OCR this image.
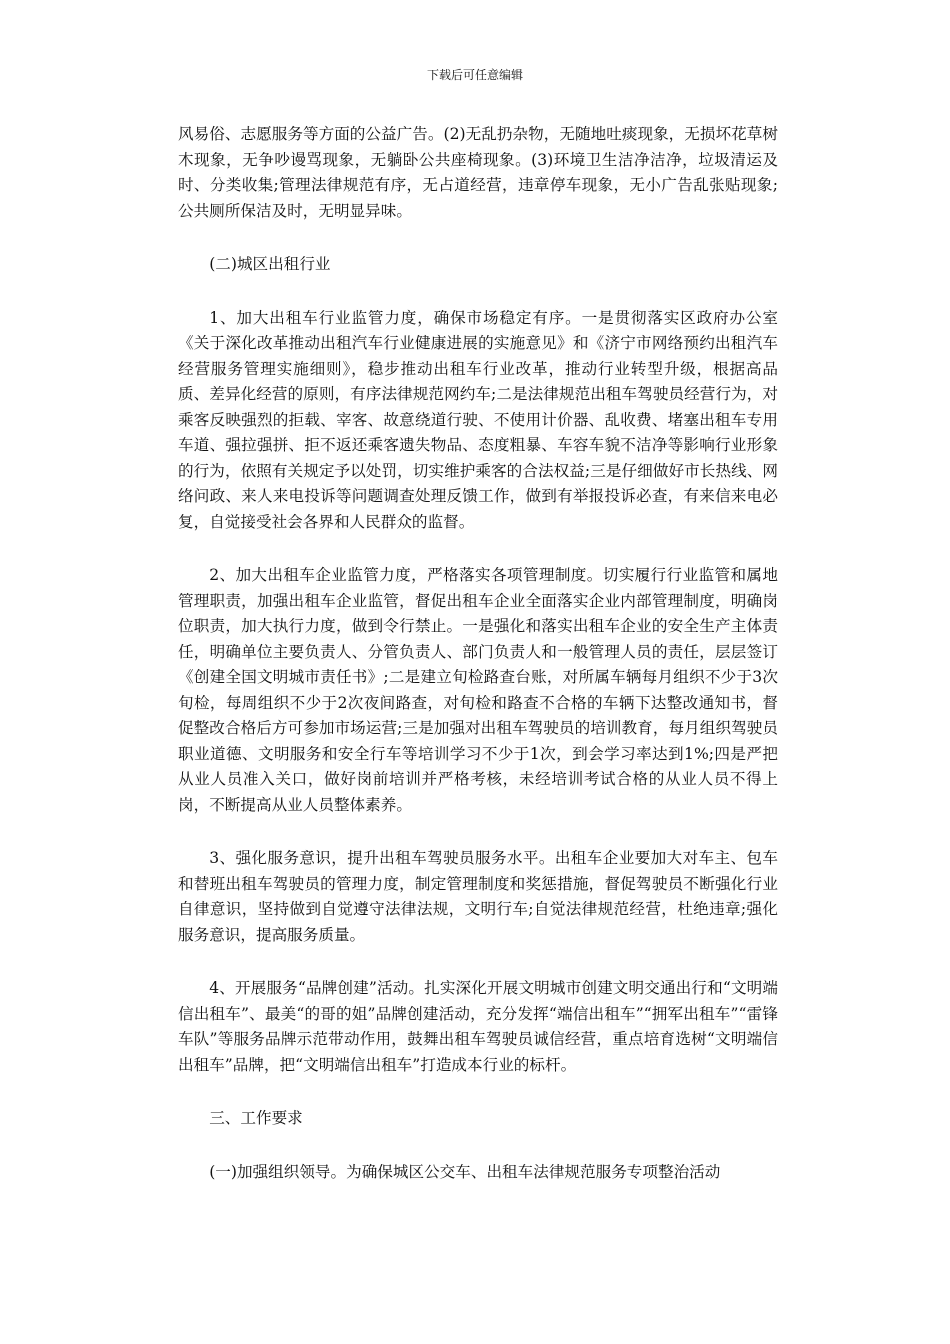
下载后可任意编辑

风易俗、志愿服务等方面的公益广告。(2)无乱扔杂物，无随地吐痰现象，无损坏花草树木现象，无争吵谩骂现象，无躺卧公共座椅现象。(3)环境卫生洁净洁净，垃圾清运及时、分类收集;管理法律规范有序，无占道经营，违章停车现象，无小广告乱张贴现象;公共厕所保洁及时，无明显异味。

(二)城区出租行业

1、加大出租车行业监管力度，确保市场稳定有序。一是贯彻落实区政府办公室《关于深化改革推动出租汽车行业健康进展的实施意见》和《济宁市网络预约出租汽车经营服务管理实施细则》，稳步推动出租车行业改革，推动行业转型升级，根据高品质、差异化经营的原则，有序法律规范网约车;二是法律规范出租车驾驶员经营行为，对乘客反映强烈的拒载、宰客、故意绕道行驶、不使用计价器、乱收费、堵塞出租车专用车道、强拉强拼、拒不返还乘客遗失物品、态度粗暴、车容车貌不洁净等影响行业形象的行为，依照有关规定予以处罚，切实维护乘客的合法权益;三是仔细做好市长热线、网络问政、来人来电投诉等问题调查处理反馈工作，做到有举报投诉必查，有来信来电必复，自觉接受社会各界和人民群众的监督。

2、加大出租车企业监管力度，严格落实各项管理制度。切实履行行业监管和属地管理职责，加强出租车企业监管，督促出租车企业全面落实企业内部管理制度，明确岗位职责，加大执行力度，做到令行禁止。一是强化和落实出租车企业的安全生产主体责任，明确单位主要负责人、分管负责人、部门负责人和一般管理人员的责任，层层签订《创建全国文明城市责任书》;二是建立旬检路查台账，对所属车辆每月组织不少于3次旬检，每周组织不少于2次夜间路查，对旬检和路查不合格的车辆下达整改通知书，督促整改合格后方可参加市场运营;三是加强对出租车驾驶员的培训教育，每月组织驾驶员职业道德、文明服务和安全行车等培训学习不少于1次，到会学习率达到1%;四是严把从业人员准入关口，做好岗前培训并严格考核，未经培训考试合格的从业人员不得上岗，不断提高从业人员整体素养。

3、强化服务意识，提升出租车驾驶员服务水平。出租车企业要加大对车主、包车和替班出租车驾驶员的管理力度，制定管理制度和奖惩措施，督促驾驶员不断强化行业自律意识，坚持做到自觉遵守法律法规，文明行车;自觉法律规范经营，杜绝违章;强化服务意识，提高服务质量。

4、开展服务“品牌创建”活动。扎实深化开展文明城市创建文明交通出行和“文明端信出租车”、最美“的哥的姐”品牌创建活动，充分发挥“端信出租车”“拥军出租车”“雷锋车队”等服务品牌示范带动作用，鼓舞出租车驾驶员诚信经营，重点培育选树“文明端信出租车”品牌，把“文明端信出租车”打造成本行业的标杆。

三、工作要求

(一)加强组织领导。为确保城区公交车、出租车法律规范服务专项整治活动
